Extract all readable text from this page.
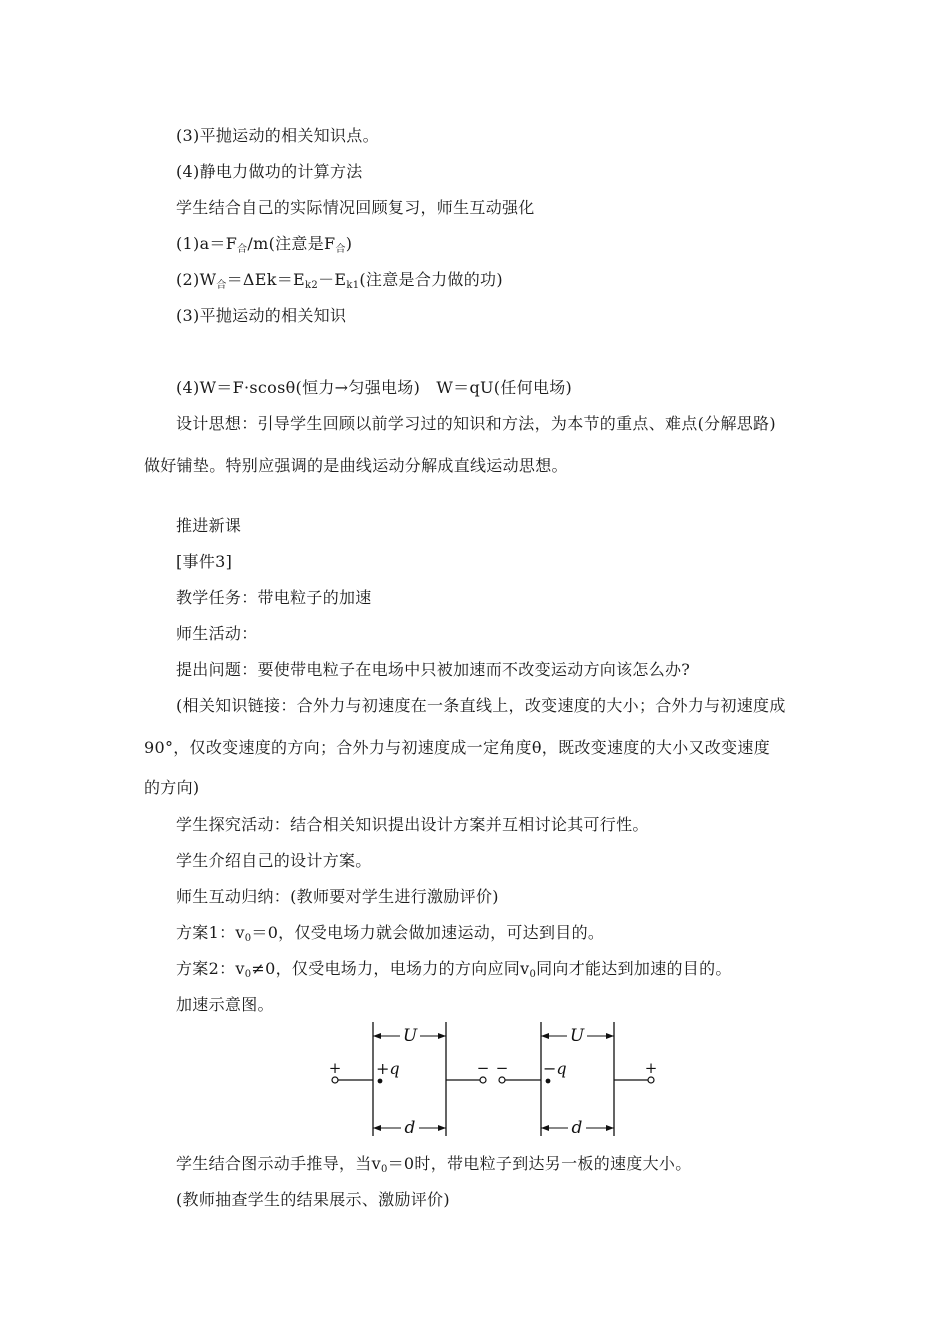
(3)平抛运动的相关知识点。
(4)静电力做功的计算方法
学生结合自己的实际情况回顾复习，师生互动强化
$(1)a=F_合/m$(注意是$F_合$)
$(2)W_合=\Delta Ek=E_{k2}-E_{k1}$(注意是合力做的功)
(3)平抛运动的相关知识
(4)W＝F·scosθ(恒力→匀强电场)　W＝qU(任何电场)
设计思想：引导学生回顾以前学习过的知识和方法，为本节的重点、难点(分解思路)
做好铺垫。特别应强调的是曲线运动分解成直线运动思想。
推进新课
[事件3]
教学任务：带电粒子的加速
师生活动：
提出问题：要使带电粒子在电场中只被加速而不改变运动方向该怎么办?
(相关知识链接：合外力与初速度在一条直线上，改变速度的大小；合外力与初速度成
90°，仅改变速度的方向；合外力与初速度成一定角度θ，既改变速度的大小又改变速度
的方向)
学生探究活动：结合相关知识提出设计方案并互相讨论其可行性。
学生介绍自己的设计方案。
师生互动归纳：(教师要对学生进行激励评价)
方案1：$v_0=0$，仅受电场力就会做加速运动，可达到目的。
方案2：$v_0\ne 0$，仅受电场力，电场力的方向应同$v_0$同向才能达到加速的目的。
加速示意图。
U
d
+	−
+q
U
d
−	+
−q
学生结合图示动手推导，当$v_0=0$时，带电粒子到达另一板的速度大小。
(教师抽查学生的结果展示、激励评价)
